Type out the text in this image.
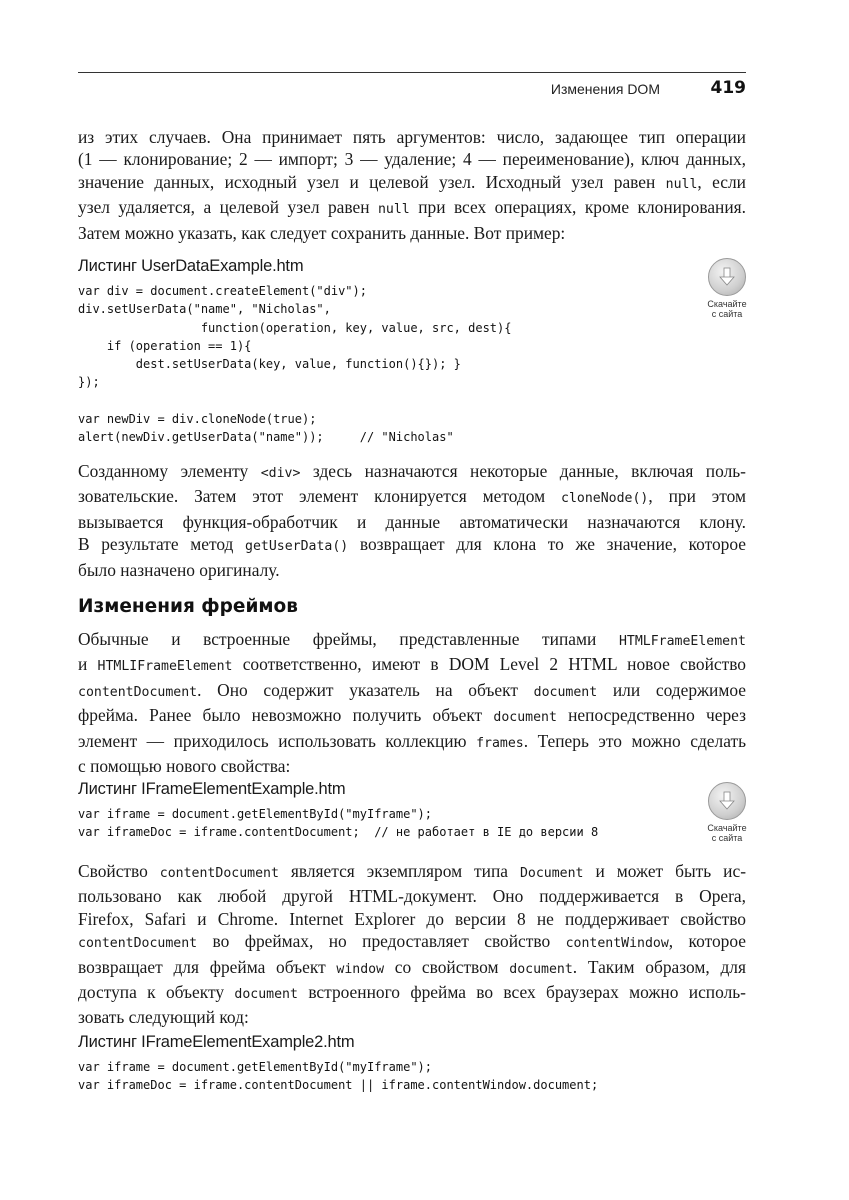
Изменения DOM	419
из этих случаев. Она принимает пять аргументов: число, задающее тип операции
(1 — клонирование; 2 — импорт; 3 — удаление; 4 — переименование), ключ данных,
значение данных, исходный узел и целевой узел. Исходный узел равен null, если
узел удаляется, а целевой узел равен null при всех операциях, кроме клонирования.
Затем можно указать, как следует сохранить данные. Вот пример:
Листинг UserDataExample.htm
var div = document.createElement("div");
div.setUserData("name", "Nicholas",
function(operation, key, value, src, dest){
if (operation == 1){
dest.setUserData(key, value, function(){}); }
});

var newDiv = div.cloneNode(true);
alert(newDiv.getUserData("name"));     // "Nicholas"
Скачайте
с сайта
Созданному элементу <div> здесь назначаются некоторые данные, включая поль-
зовательские. Затем этот элемент клонируется методом cloneNode(), при этом
вызывается функция-обработчик и данные автоматически назначаются клону.
В результате метод getUserData() возвращает для клона то же значение, которое
было назначено оригиналу.
Изменения фреймов
Обычные и встроенные фреймы, представленные типами HTMLFrameElement
и HTMLIFrameElement соответственно, имеют в DOM Level 2 HTML новое свойство
contentDocument. Оно содержит указатель на объект document или содержимое
фрейма. Ранее было невозможно получить объект document непосредственно через
элемент — приходилось использовать коллекцию frames. Теперь это можно сделать
с помощью нового свойства:
Листинг IFrameElementExample.htm
var iframe = document.getElementById("myIframe");
var iframeDoc = iframe.contentDocument;  // не работает в IE до версии 8	Скачайте
с сайта
Свойство contentDocument является экземпляром типа Document и может быть ис-
пользовано как любой другой HTML-документ. Оно поддерживается в Opera,
Firefox, Safari и Chrome. Internet Explorer до версии 8 не поддерживает свойство
contentDocument во фреймах, но предоставляет свойство contentWindow, которое
возвращает для фрейма объект window со свойством document. Таким образом, для
доступа к объекту document встроенного фрейма во всех браузерах можно исполь-
зовать следующий код:
Листинг IFrameElementExample2.htm
var iframe = document.getElementById("myIframe");
var iframeDoc = iframe.contentDocument || iframe.contentWindow.document;
